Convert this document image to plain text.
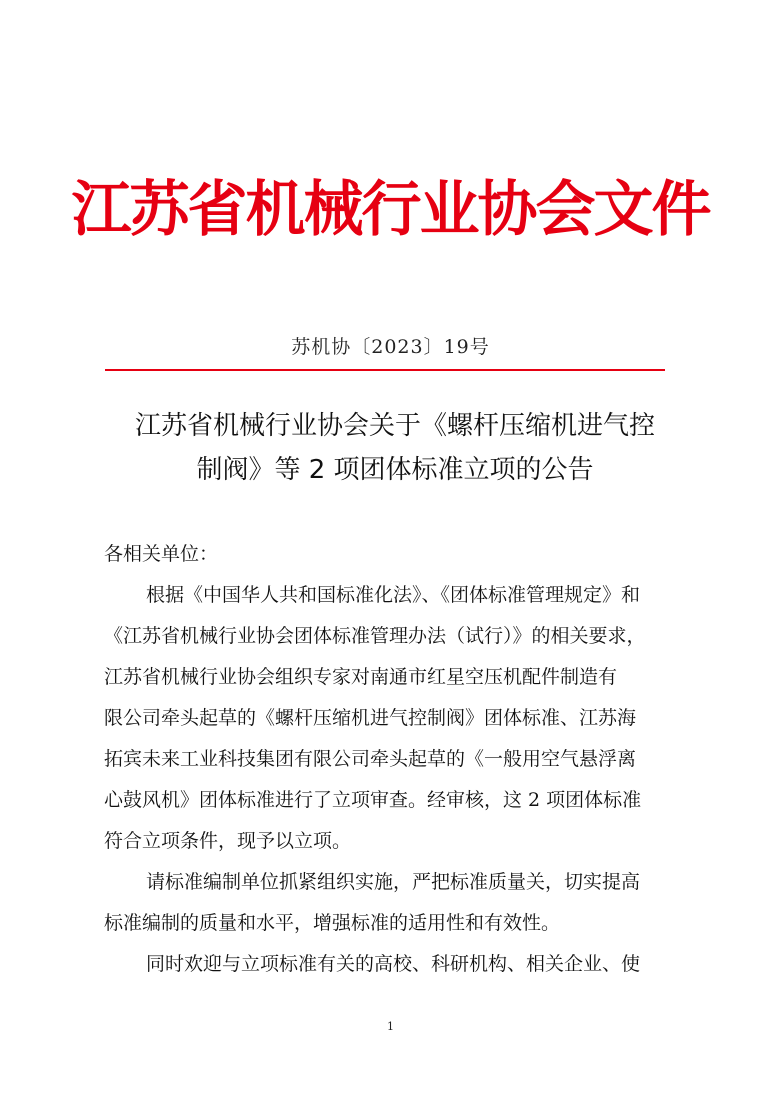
江苏省机械行业协会文件
苏机协〔2023〕19号
江苏省机械行业协会关于《螺杆压缩机进气控
制阀》等 2 项团体标准立项的公告
各相关单位：
根据《中国华人共和国标准化法》、《团体标准管理规定》和
《江苏省机械行业协会团体标准管理办法（试行）》的相关要求，
江苏省机械行业协会组织专家对南通市红星空压机配件制造有
限公司牵头起草的《螺杆压缩机进气控制阀》团体标准、江苏海
拓宾未来工业科技集团有限公司牵头起草的《一般用空气悬浮离
心鼓风机》团体标准进行了立项审查。经审核，这 2 项团体标准
符合立项条件，现予以立项。
请标准编制单位抓紧组织实施，严把标准质量关，切实提高
标准编制的质量和水平，增强标准的适用性和有效性。
同时欢迎与立项标准有关的高校、科研机构、相关企业、使
1
